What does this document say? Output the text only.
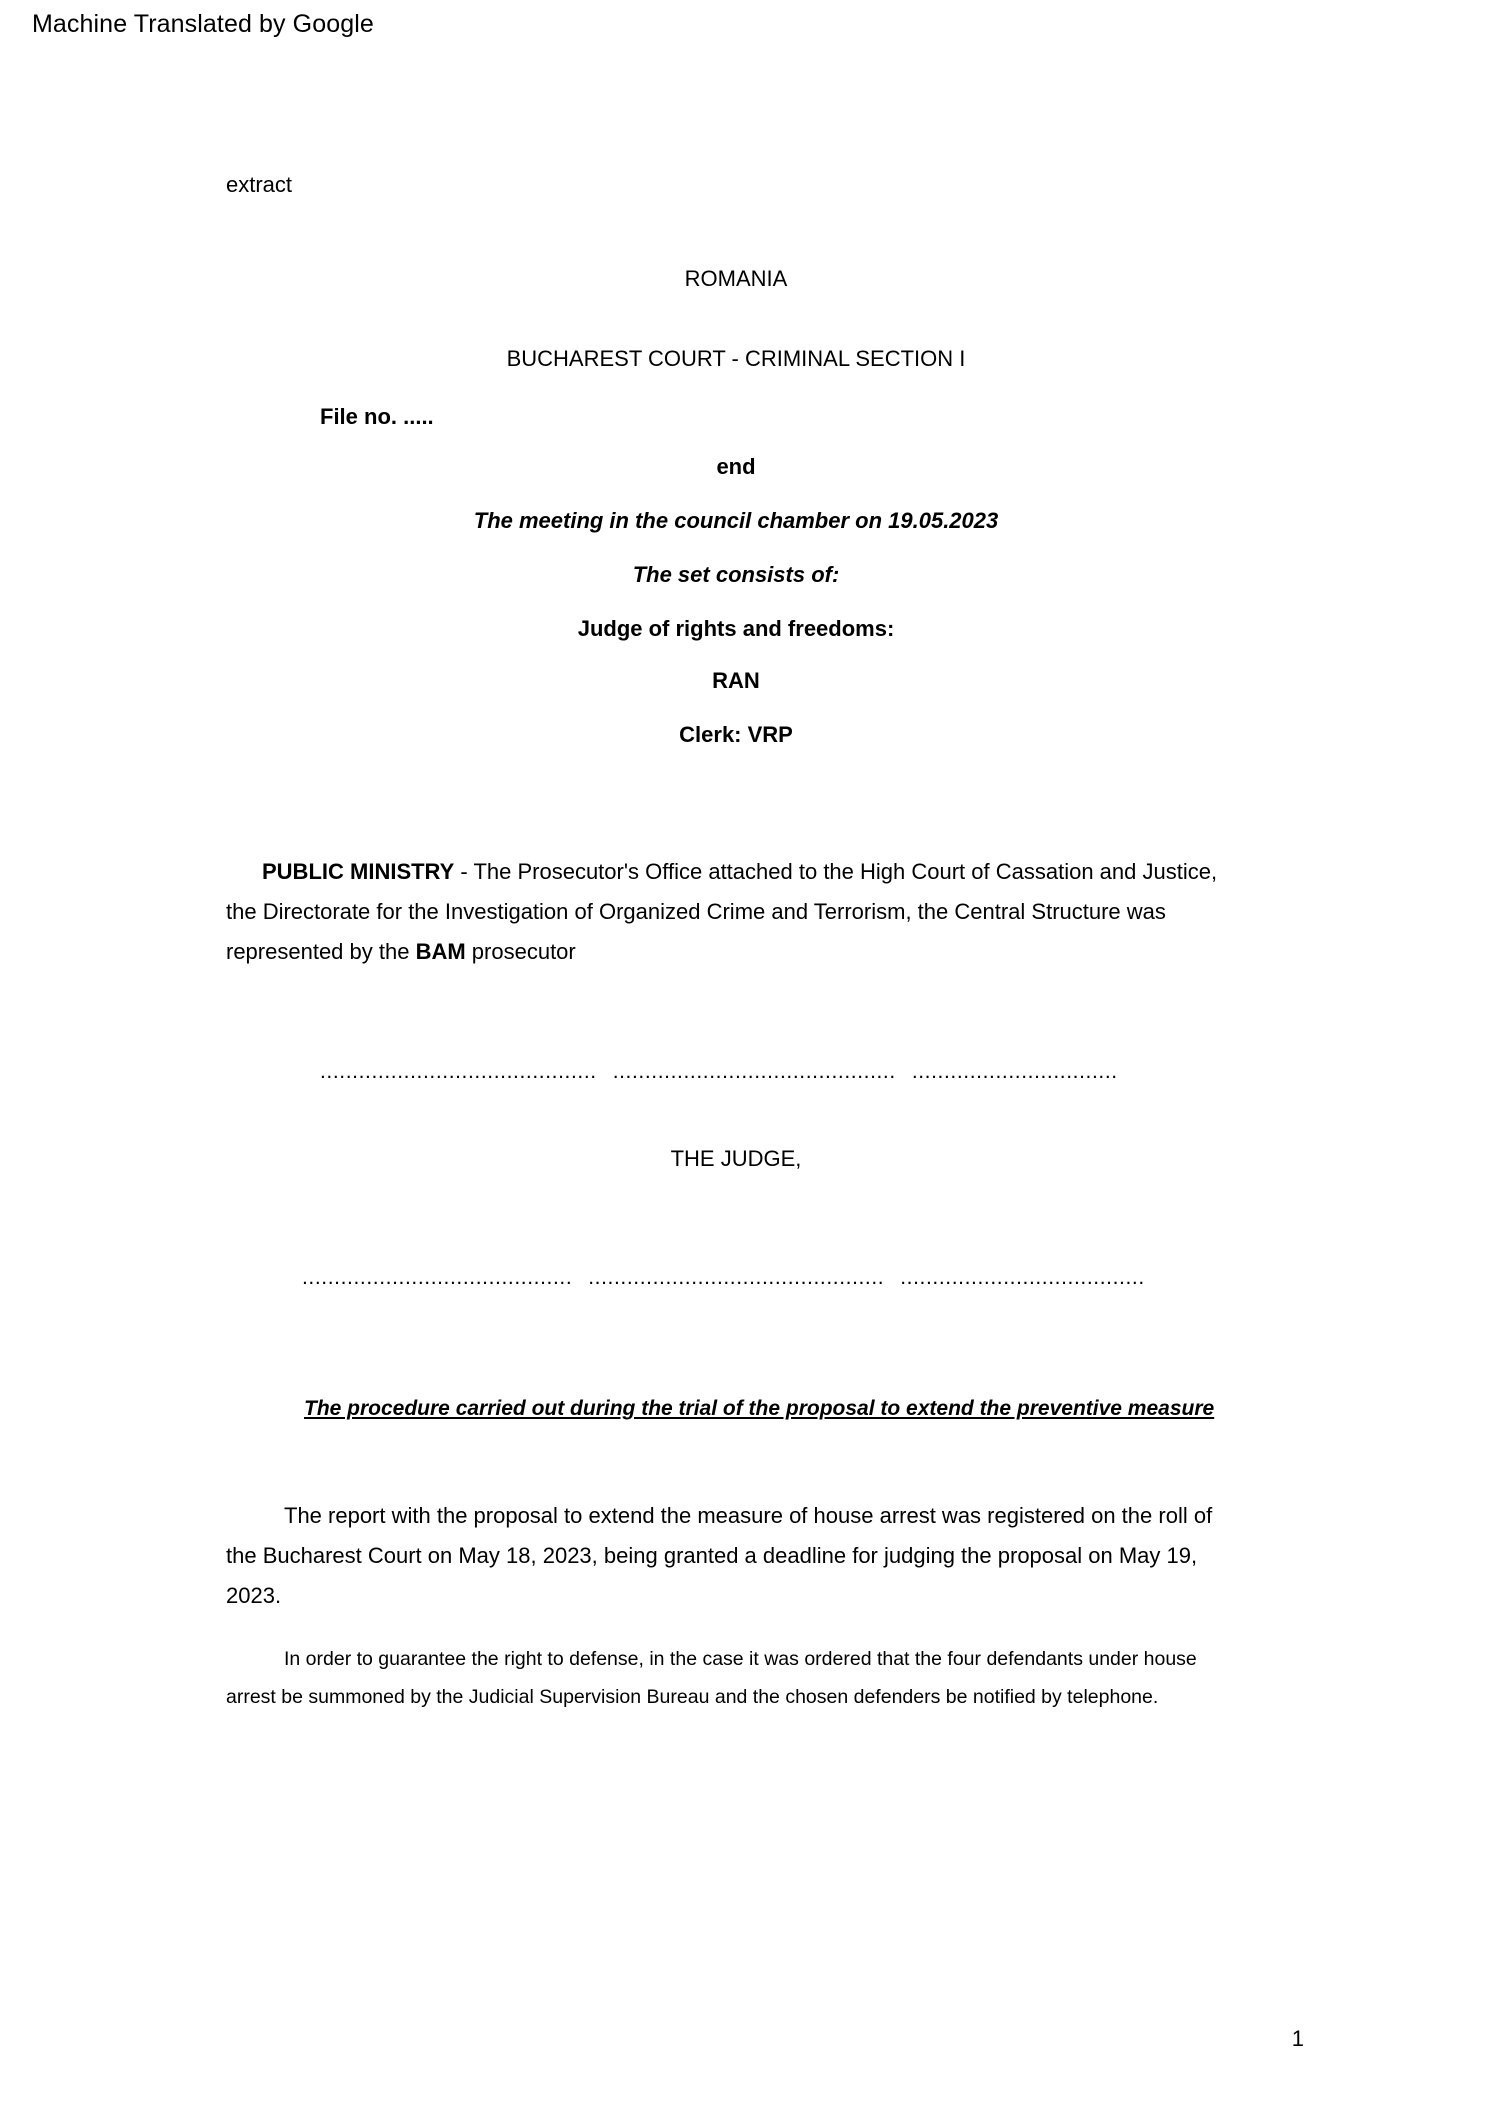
Machine Translated by Google
extract
ROMANIA
BUCHAREST COURT - CRIMINAL SECTION I
File no. .....
end
The meeting in the council chamber on 19.05.2023
The set consists of:
Judge of rights and freedoms:
RAN
Clerk: VRP

PUBLIC MINISTRY - The Prosecutor's Office attached to the High Court of Cassation and Justice, the Directorate for the Investigation of Organized Crime and Terrorism, the Central Structure was represented by the BAM prosecutor

........................................... ............................................ ................................
THE JUDGE,
.......................................... .............................................. ......................................
The procedure carried out during the trial of the proposal to extend the preventive measure

The report with the proposal to extend the measure of house arrest was registered on the roll of the Bucharest Court on May 18, 2023, being granted a deadline for judging the proposal on May 19, 2023.

In order to guarantee the right to defense, in the case it was ordered that the four defendants under house arrest be summoned by the Judicial Supervision Bureau and the chosen defenders be notified by telephone.

1
